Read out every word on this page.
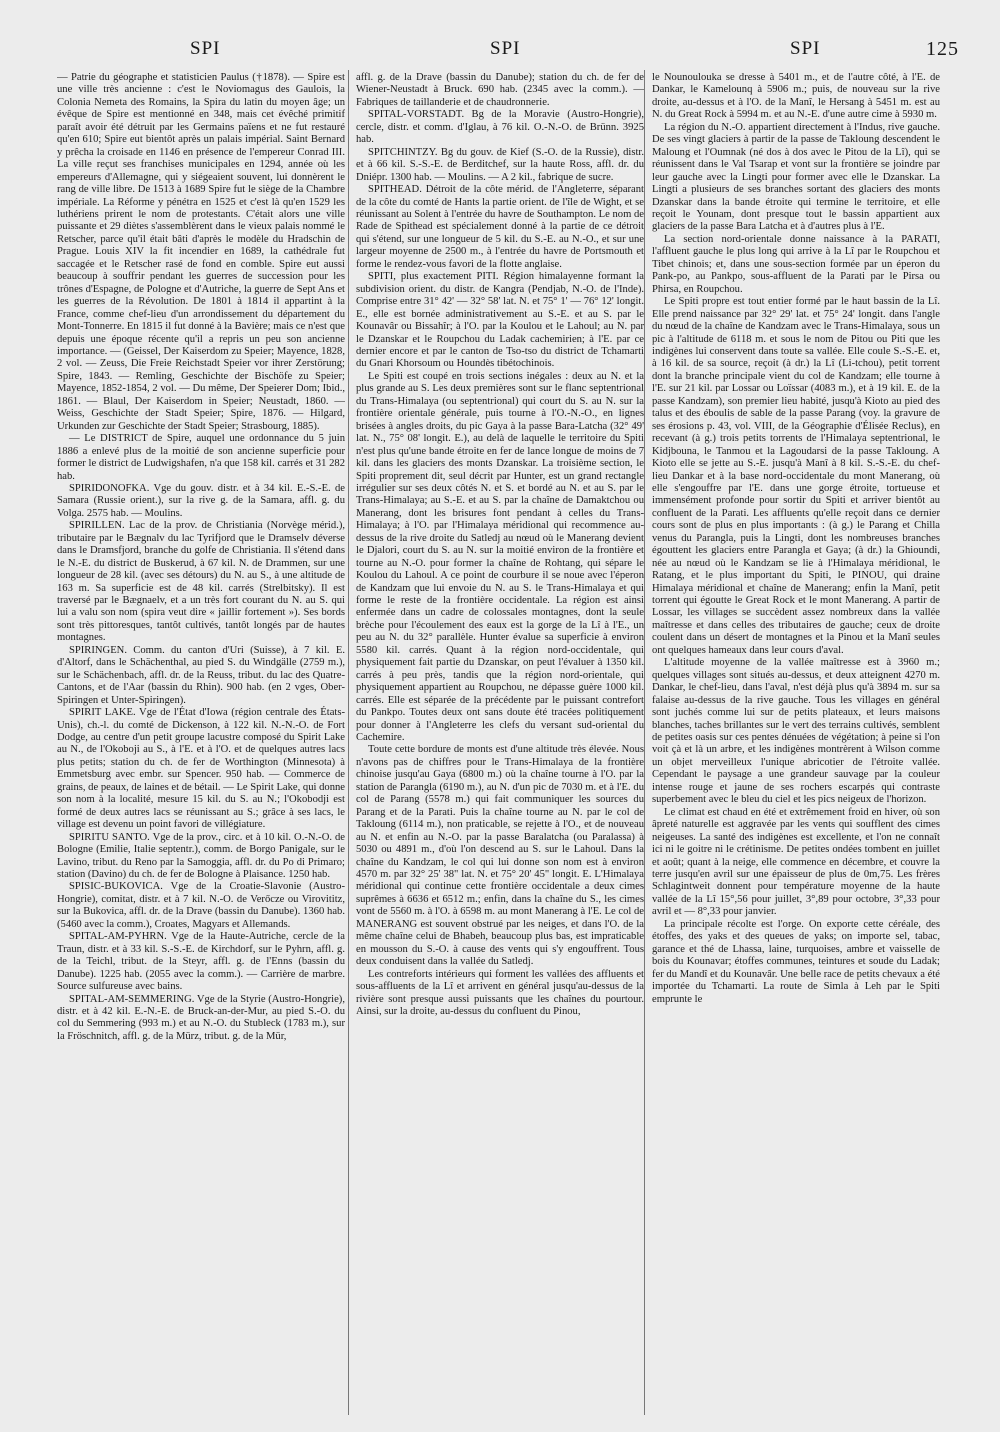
SPI	SPI	SPI	125

— Patrie du géographe et statisticien Paulus (†1878). — Spire est une ville très ancienne : c'est le Noviomagus des Gaulois, la Colonia Nemeta des Romains, la Spira du latin du moyen âge; un évêque de Spire est mentionné en 348, mais cet évêché primitif paraît avoir été détruit par les Germains païens et ne fut restauré qu'en 610; Spire eut bientôt après un palais impérial. Saint Bernard y prêcha la croisade en 1146 en présence de l'empereur Conrad III. La ville reçut ses franchises municipales en 1294, année où les empereurs d'Allemagne, qui y siégeaient souvent, lui donnèrent le rang de ville libre. De 1513 à 1689 Spire fut le siège de la Chambre impériale. La Réforme y pénétra en 1525 et c'est là qu'en 1529 les luthériens prirent le nom de protestants. C'était alors une ville puissante et 29 diètes s'assemblèrent dans le vieux palais nommé le Retscher, parce qu'il était bâti d'après le modèle du Hradschin de Prague. Louis XIV la fit incendier en 1689, la cathédrale fut saccagée et le Retscher rasé de fond en comble. Spire eut aussi beaucoup à souffrir pendant les guerres de succession pour les trônes d'Espagne, de Pologne et d'Autriche, la guerre de Sept Ans et les guerres de la Révolution. De 1801 à 1814 il appartint à la France, comme chef-lieu d'un arrondissement du département du Mont-Tonnerre. En 1815 il fut donné à la Bavière; mais ce n'est que depuis une époque récente qu'il a repris un peu son ancienne importance. — (Geissel, Der Kaiserdom zu Speier; Mayence, 1828, 2 vol. — Zeuss, Die Freie Reichstadt Speier vor ihrer Zerstörung; Spire, 1843. — Remling, Geschichte der Bischöfe zu Speier; Mayence, 1852-1854, 2 vol. — Du même, Der Speierer Dom; Ibid., 1861. — Blaul, Der Kaiserdom in Speier; Neustadt, 1860. — Weiss, Geschichte der Stadt Speier; Spire, 1876. — Hilgard, Urkunden zur Geschichte der Stadt Speier; Strasbourg, 1885).

— Le DISTRICT de Spire, auquel une ordonnance du 5 juin 1886 a enlevé plus de la moitié de son ancienne superficie pour former le district de Ludwigshafen, n'a que 158 kil. carrés et 31 282 hab.

SPIRIDONOFKA. Vge du gouv. distr. et à 34 kil. E.-S.-E. de Samara (Russie orient.), sur la rive g. de la Samara, affl. g. du Volga. 2575 hab. — Moulins.

SPIRILLEN. Lac de la prov. de Christiania (Norvège mérid.), tributaire par le Bægnalv du lac Tyrifjord que le Dramselv déverse dans le Dramsfjord, branche du golfe de Christiania. Il s'étend dans le N.-E. du district de Buskerud, à 67 kil. N. de Drammen, sur une longueur de 28 kil. (avec ses détours) du N. au S., à une altitude de 163 m. Sa superficie est de 48 kil. carrés (Strelbitsky). Il est traversé par le Bægnaelv, et a un très fort courant du N. au S. qui lui a valu son nom (spira veut dire « jaillir fortement »). Ses bords sont très pittoresques, tantôt cultivés, tantôt longés par de hautes montagnes.

SPIRINGEN. Comm. du canton d'Uri (Suisse), à 7 kil. E. d'Altorf, dans le Schächenthal, au pied S. du Windgälle (2759 m.), sur le Schächenbach, affl. dr. de la Reuss, tribut. du lac des Quatre-Cantons, et de l'Aar (bassin du Rhin). 900 hab. (en 2 vges, Ober-Spiringen et Unter-Spiringen).

SPIRIT LAKE. Vge de l'État d'Iowa (région centrale des États-Unis), ch.-l. du comté de Dickenson, à 122 kil. N.-N.-O. de Fort Dodge, au centre d'un petit groupe lacustre composé du Spirit Lake au N., de l'Okoboji au S., à l'E. et à l'O. et de quelques autres lacs plus petits; station du ch. de fer de Worthington (Minnesota) à Emmetsburg avec embr. sur Spencer. 950 hab. — Commerce de grains, de peaux, de laines et de bétail. — Le Spirit Lake, qui donne son nom à la localité, mesure 15 kil. du S. au N.; l'Okobodji est formé de deux autres lacs se réunissant au S.; grâce à ses lacs, le village est devenu un point favori de villégiature.

SPIRITU SANTO. Vge de la prov., circ. et à 10 kil. O.-N.-O. de Bologne (Emilie, Italie septentr.), comm. de Borgo Panigale, sur le Lavino, tribut. du Reno par la Samoggia, affl. dr. du Po di Primaro; station (Davino) du ch. de fer de Bologne à Plaisance. 1250 hab.

SPISIC-BUKOVICA. Vge de la Croatie-Slavonie (Austro-Hongrie), comitat, distr. et à 7 kil. N.-O. de Verőcze ou Virovititz, sur la Bukovica, affl. dr. de la Drave (bassin du Danube). 1360 hab. (5460 avec la comm.), Croates, Magyars et Allemands.

SPITAL-AM-PYHRN. Vge de la Haute-Autriche, cercle de la Traun, distr. et à 33 kil. S.-S.-E. de Kirchdorf, sur le Pyhrn, affl. g. de la Teichl, tribut. de la Steyr, affl. g. de l'Enns (bassin du Danube). 1225 hab. (2055 avec la comm.). — Carrière de marbre. Source sulfureuse avec bains.

SPITAL-AM-SEMMERING. Vge de la Styrie (Austro-Hongrie), distr. et à 42 kil. E.-N.-E. de Bruck-an-der-Mur, au pied S.-O. du col du Semmering (993 m.) et au N.-O. du Stubleck (1783 m.), sur la Fröschnitch, affl. g. de la Mürz, tribut. g. de la Mür,

affl. g. de la Drave (bassin du Danube); station du ch. de fer de Wiener-Neustadt à Bruck. 690 hab. (2345 avec la comm.). — Fabriques de taillanderie et de chaudronnerie.

SPITAL-VORSTADT. Bg de la Moravie (Austro-Hongrie), cercle, distr. et comm. d'Iglau, à 76 kil. O.-N.-O. de Brünn. 3925 hab.

SPITCHINTZY. Bg du gouv. de Kief (S.-O. de la Russie), distr. et à 66 kil. S.-S.-E. de Berditchef, sur la haute Ross, affl. dr. du Dniépr. 1300 hab. — Moulins. — A 2 kil., fabrique de sucre.

SPITHEAD. Détroit de la côte mérid. de l'Angleterre, séparant de la côte du comté de Hants la partie orient. de l'île de Wight, et se réunissant au Solent à l'entrée du havre de Southampton. Le nom de Rade de Spithead est spécialement donné à la partie de ce détroit qui s'étend, sur une longueur de 5 kil. du S.-E. au N.-O., et sur une largeur moyenne de 2500 m., à l'entrée du havre de Portsmouth et forme le rendez-vous favori de la flotte anglaise.

SPITI, plus exactement PITI. Région himalayenne formant la subdivision orient. du distr. de Kangra (Pendjab, N.-O. de l'Inde). Comprise entre 31° 42' — 32° 58' lat. N. et 75° 1' — 76° 12' longit. E., elle est bornée administrativement au S.-E. et au S. par le Kounavâr ou Bissahîr; à l'O. par la Koulou et le Lahoul; au N. par le Dzanskar et le Roupchou du Ladak cachemirien; à l'E. par ce dernier encore et par le canton de Tso-tso du district de Tchamarti du Gnari Khorsoum ou Houndès tibétochinois.

Le Spiti est coupé en trois sections inégales : deux au N. et la plus grande au S. Les deux premières sont sur le flanc septentrional du Trans-Himalaya (ou septentrional) qui court du S. au N. sur la frontière orientale générale, puis tourne à l'O.-N.-O., en lignes brisées à angles droits, du pic Gaya à la passe Bara-Latcha (32° 49' lat. N., 75° 08' longit. E.), au delà de laquelle le territoire du Spiti n'est plus qu'une bande étroite en fer de lance longue de moins de 7 kil. dans les glaciers des monts Dzanskar. La troisième section, le Spiti proprement dit, seul décrit par Hunter, est un grand rectangle irrégulier sur ses deux côtés N. et S. et bordé au N. et au S. par le Trans-Himalaya; au S.-E. et au S. par la chaîne de Damaktchou ou Manerang, dont les brisures font pendant à celles du Trans-Himalaya; à l'O. par l'Himalaya méridional qui recommence au-dessus de la rive droite du Satledj au nœud où le Manerang devient le Djalori, court du S. au N. sur la moitié environ de la frontière et tourne au N.-O. pour former la chaîne de Rohtang, qui sépare le Koulou du Lahoul. A ce point de courbure il se noue avec l'éperon de Kandzam que lui envoie du N. au S. le Trans-Himalaya et qui forme le reste de la frontière occidentale. La région est ainsi enfermée dans un cadre de colossales montagnes, dont la seule brèche pour l'écoulement des eaux est la gorge de la Lî à l'E., un peu au N. du 32° parallèle. Hunter évalue sa superficie à environ 5580 kil. carrés. Quant à la région nord-occidentale, qui physiquement fait partie du Dzanskar, on peut l'évaluer à 1350 kil. carrés à peu près, tandis que la région nord-orientale, qui physiquement appartient au Roupchou, ne dépasse guère 1000 kil. carrés. Elle est séparée de la précédente par le puissant contrefort du Pankpo. Toutes deux ont sans doute été tracées politiquement pour donner à l'Angleterre les clefs du versant sud-oriental du Cachemire.

Toute cette bordure de monts est d'une altitude très élevée. Nous n'avons pas de chiffres pour le Trans-Himalaya de la frontière chinoise jusqu'au Gaya (6800 m.) où la chaîne tourne à l'O. par la station de Parangla (6190 m.), au N. d'un pic de 7030 m. et à l'E. du col de Parang (5578 m.) qui fait communiquer les sources du Parang et de la Parati. Puis la chaîne tourne au N. par le col de Takloung (6114 m.), non praticable, se rejette à l'O., et de nouveau au N. et enfin au N.-O. par la passe Baralatcha (ou Paralassa) à 5030 ou 4891 m., d'où l'on descend au S. sur le Lahoul. Dans la chaîne du Kandzam, le col qui lui donne son nom est à environ 4570 m. par 32° 25' 38" lat. N. et 75° 20' 45" longit. E. L'Himalaya méridional qui continue cette frontière occidentale a deux cimes suprêmes à 6636 et 6512 m.; enfin, dans la chaîne du S., les cimes vont de 5560 m. à l'O. à 6598 m. au mont Manerang à l'E. Le col de MANERANG est souvent obstrué par les neiges, et dans l'O. de la même chaîne celui de Bhabeh, beaucoup plus bas, est impraticable en mousson du S.-O. à cause des vents qui s'y engouffrent. Tous deux conduisent dans la vallée du Satledj.

Les contreforts intérieurs qui forment les vallées des affluents et sous-affluents de la Lî et arrivent en général jusqu'au-dessus de la rivière sont presque aussi puissants que les chaînes du pourtour. Ainsi, sur la droite, au-dessus du confluent du Pinou,

le Nounoulouka se dresse à 5401 m., et de l'autre côté, à l'E. de Dankar, le Kamelounq à 5906 m.; puis, de nouveau sur la rive droite, au-dessus et à l'O. de la Manî, le Hersang à 5451 m. est au N. du Great Rock à 5994 m. et au N.-E. d'une autre cime à 5930 m.

La région du N.-O. appartient directement à l'Indus, rive gauche. De ses vingt glaciers à partir de la passe de Takloung descendent le Maloung et l'Oumnak (né dos à dos avec le Pitou de la Lî), qui se réunissent dans le Val Tsarap et vont sur la frontière se joindre par leur gauche avec la Lingti pour former avec elle le Dzanskar. La Lingti a plusieurs de ses branches sortant des glaciers des monts Dzanskar dans la bande étroite qui termine le territoire, et elle reçoit le Younam, dont presque tout le bassin appartient aux glaciers de la passe Bara Latcha et à d'autres plus à l'E.

La section nord-orientale donne naissance à la PARATI, l'affluent gauche le plus long qui arrive à la Lî par le Roupchou et Tibet chinois; et, dans une sous-section formée par un éperon du Pank-po, au Pankpo, sous-affluent de la Parati par le Pirsa ou Phirsa, en Roupchou.

Le Spiti propre est tout entier formé par le haut bassin de la Lî. Elle prend naissance par 32° 29' lat. et 75° 24' longit. dans l'angle du nœud de la chaîne de Kandzam avec le Trans-Himalaya, sous un pic à l'altitude de 6118 m. et sous le nom de Pitou ou Piti que les indigènes lui conservent dans toute sa vallée. Elle coule S.-S.-E. et, à 16 kil. de sa source, reçoit (à dr.) la Lî (Li-tchou), petit torrent dont la branche principale vient du col de Kandzam; elle tourne à l'E. sur 21 kil. par Lossar ou Loïssar (4083 m.), et à 19 kil. E. de la passe Kandzam), son premier lieu habité, jusqu'à Kioto au pied des talus et des éboulis de sable de la passe Parang (voy. la gravure de ses érosions p. 43, vol. VIII, de la Géographie d'Élisée Reclus), en recevant (à g.) trois petits torrents de l'Himalaya septentrional, le Kidjbouna, le Tanmou et la Lagoudarsi de la passe Takloung. A Kioto elle se jette au S.-E. jusqu'à Manî à 8 kil. S.-S.-E. du chef-lieu Dankar et à la base nord-occidentale du mont Manerang, où elle s'engouffre par l'E. dans une gorge étroite, tortueuse et immensément profonde pour sortir du Spiti et arriver bientôt au confluent de la Parati. Les affluents qu'elle reçoit dans ce dernier cours sont de plus en plus importants : (à g.) le Parang et Chilla venus du Parangla, puis la Lingti, dont les nombreuses branches égouttent les glaciers entre Parangla et Gaya; (à dr.) la Ghioundi, née au nœud où le Kandzam se lie à l'Himalaya méridional, le Ratang, et le plus important du Spiti, le PINOU, qui draine Himalaya méridional et chaîne de Manerang; enfin la Manî, petit torrent qui égoutte le Great Rock et le mont Manerang. A partir de Lossar, les villages se succèdent assez nombreux dans la vallée maîtresse et dans celles des tributaires de gauche; ceux de droite coulent dans un désert de montagnes et la Pinou et la Manî seules ont quelques hameaux dans leur cours d'aval.

L'altitude moyenne de la vallée maîtresse est à 3960 m.; quelques villages sont situés au-dessus, et deux atteignent 4270 m. Dankar, le chef-lieu, dans l'aval, n'est déjà plus qu'à 3894 m. sur sa falaise au-dessus de la rive gauche. Tous les villages en général sont juchés comme lui sur de petits plateaux, et leurs maisons blanches, taches brillantes sur le vert des terrains cultivés, semblent de petites oasis sur ces pentes dénuées de végétation; à peine si l'on voit çà et là un arbre, et les indigènes montrèrent à Wilson comme un objet merveilleux l'unique abricotier de l'étroite vallée. Cependant le paysage a une grandeur sauvage par la couleur intense rouge et jaune de ses rochers escarpés qui contraste superbement avec le bleu du ciel et les pics neigeux de l'horizon.

Le climat est chaud en été et extrêmement froid en hiver, où son âpreté naturelle est aggravée par les vents qui soufflent des cimes neigeuses. La santé des indigènes est excellente, et l'on ne connaît ici ni le goitre ni le crétinisme. De petites ondées tombent en juillet et août; quant à la neige, elle commence en décembre, et couvre la terre jusqu'en avril sur une épaisseur de plus de 0m,75. Les frères Schlagintweit donnent pour température moyenne de la haute vallée de la Lî 15°,56 pour juillet, 3°,89 pour octobre, 3°,33 pour avril et — 8°,33 pour janvier.

La principale récolte est l'orge. On exporte cette céréale, des étoffes, des yaks et des queues de yaks; on importe sel, tabac, garance et thé de Lhassa, laine, turquoises, ambre et vaisselle de bois du Kounavar; étoffes communes, teintures et soude du Ladak; fer du Mandî et du Kounavâr. Une belle race de petits chevaux a été importée du Tchamarti. La route de Simla à Leh par le Spiti emprunte le
